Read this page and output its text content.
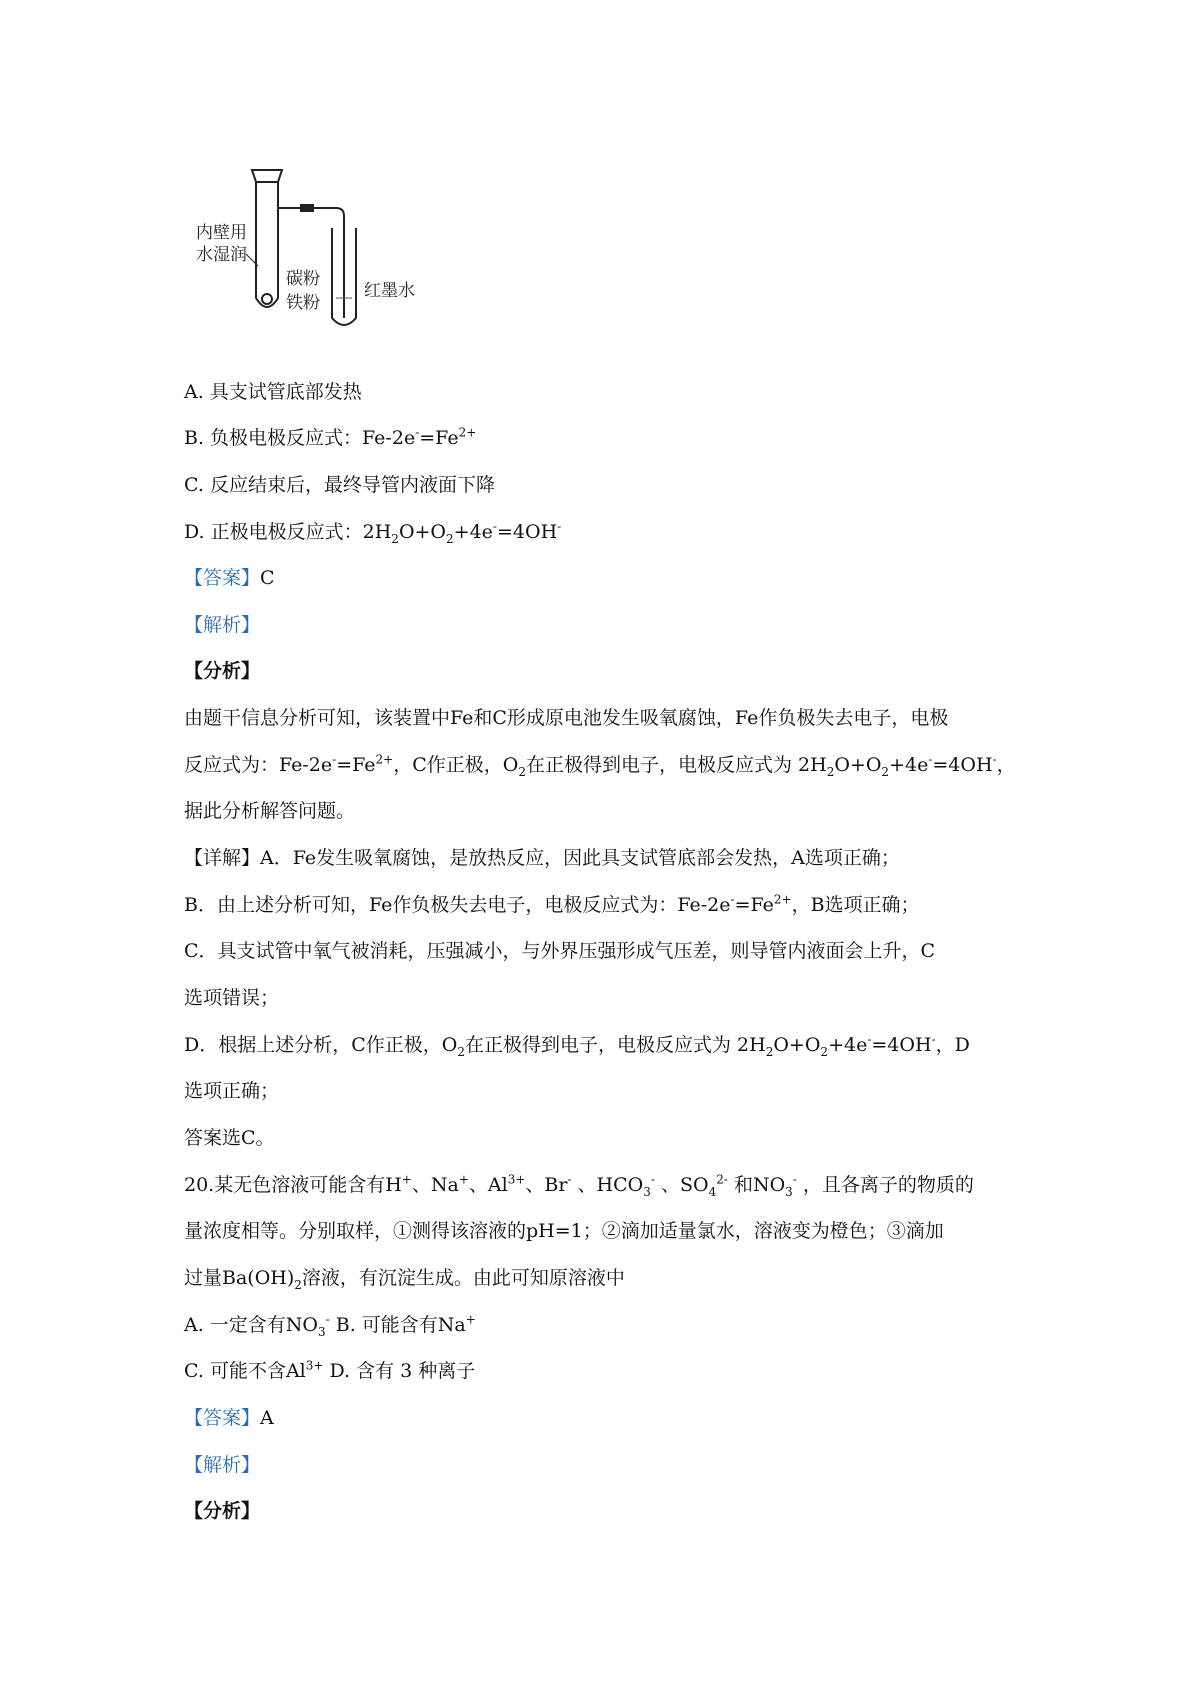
内壁用
水湿润
碳粉
铁粉
红墨水
A. 具支试管底部发热
B. 负极电极反应式：$Fe-2e^-=Fe^{2+}$
C. 反应结束后，最终导管内液面下降
D. 正极电极反应式：$2H_2O+O_2+4e^-=4OH^-$
【答案】C
【解析】
【分析】
由题干信息分析可知，该装置中Fe和C形成原电池发生吸氧腐蚀，Fe作负极失去电子，电极
反应式为：$Fe-2e^-=Fe^{2+}$，C作正极，$O_2$在正极得到电子，电极反应式为 $2H_2O+O_2+4e^-=4OH^-$，
据此分析解答问题。
【详解】A．Fe发生吸氧腐蚀，是放热反应，因此具支试管底部会发热，A选项正确；
B．由上述分析可知，Fe作负极失去电子，电极反应式为：$Fe-2e^-=Fe^{2+}$，B选项正确；
C．具支试管中氧气被消耗，压强减小，与外界压强形成气压差，则导管内液面会上升，C
选项错误；
D．根据上述分析，C作正极，$O_2$在正极得到电子，电极反应式为 $2H_2O+O_2+4e^-=4OH^-$，D
选项正确；
答案选C。
20.某无色溶液可能含有H+、Na+、$Al^{3+}$、Br- 、$HCO_3^-$ 、$SO_4^{2-}$ 和$NO_3^-$ ，且各离子的物质的
量浓度相等。分别取样，①测得该溶液的pH=1；②滴加适量氯水，溶液变为橙色；③滴加
过量$Ba(OH)_2$溶液，有沉淀生成。由此可知原溶液中
A. 一定含有$NO_3^-$ B. 可能含有Na+
C. 可能不含$Al^{3+}$ D. 含有 3 种离子
【答案】A
【解析】
【分析】
